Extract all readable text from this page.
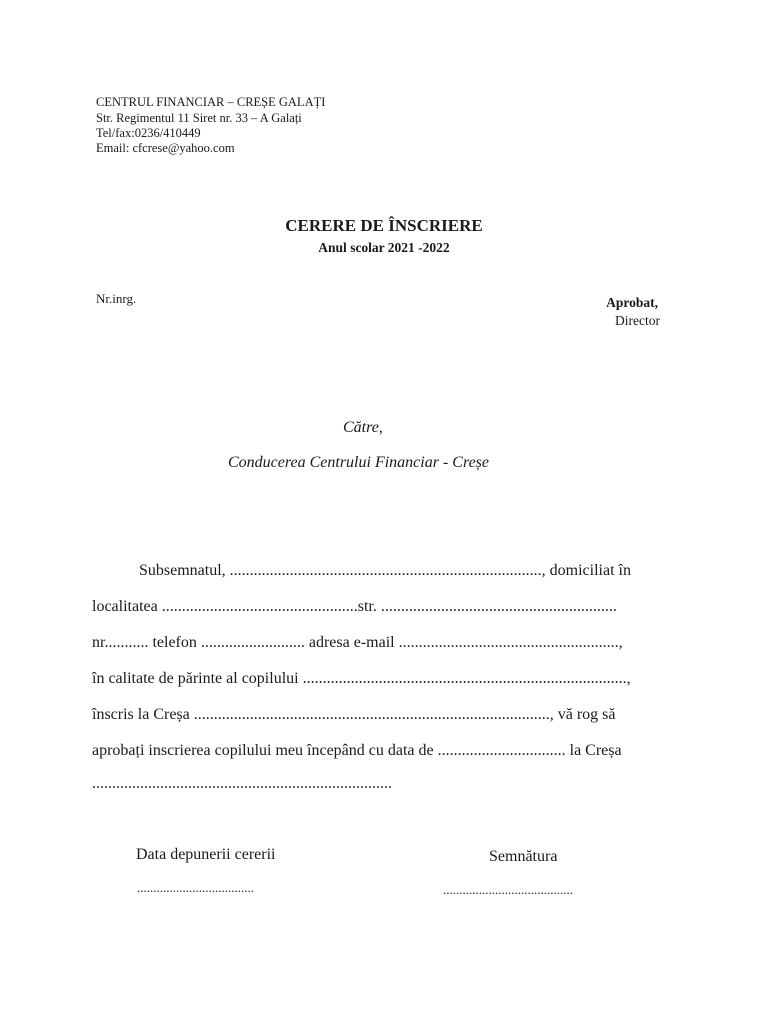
CENTRUL FINANCIAR – CREȘE GALAȚI
Str. Regimentul 11 Siret nr. 33 – A Galați
Tel/fax:0236/410449
Email: cfcrese@yahoo.com
CERERE DE ÎNSCRIERE
Anul scolar 2021 -2022
Nr.inrg.	Aprobat,
Director
Către,
Conducerea Centrului Financiar - Creșe
Subsemnatul, .............................................................................., domiciliat în
localitatea .................................................str. ...........................................................
nr........... telefon .......................... adresa e-mail .......................................................,
în calitate de părinte al copilului .................................................................................,
înscris la Creșa ........................................................................................., vă rog să
aprobați inscrierea copilului meu începând cu data de ................................ la Creșa
...........................................................................
Data depunerii cererii	Semnătura
....................................	........................................
